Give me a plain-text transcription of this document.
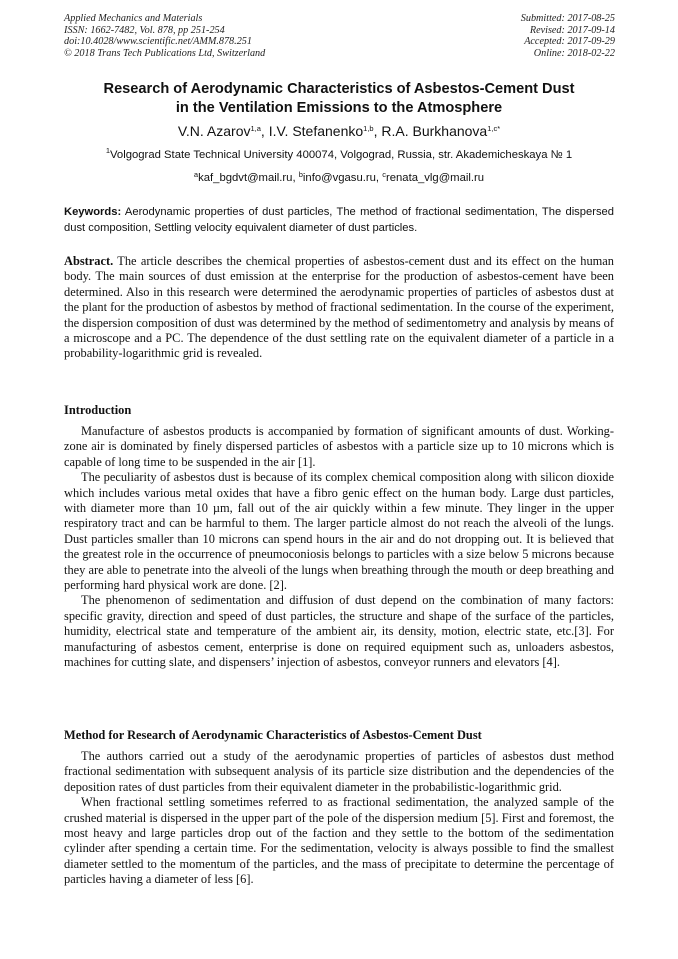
Applied Mechanics and Materials
ISSN: 1662-7482, Vol. 878, pp 251-254
doi:10.4028/www.scientific.net/AMM.878.251
© 2018 Trans Tech Publications Ltd, Switzerland
Submitted: 2017-08-25
Revised: 2017-09-14
Accepted: 2017-09-29
Online: 2018-02-22
Research of Aerodynamic Characteristics of Asbestos-Cement Dust
in the Ventilation Emissions to the Atmosphere
V.N. Azarov$^{1,a}$, I.V. Stefanenko$^{1,b}$, R.A. Burkhanova$^{1,c*}$
$^1$Volgograd State Technical University 400074, Volgograd, Russia, str. Akademicheskaya № 1
$^a$kaf_bgdvt@mail.ru, $^b$info@vgasu.ru, $^c$renata_vlg@mail.ru
Keywords: Aerodynamic properties of dust particles, The method of fractional sedimentation, The dispersed dust composition, Settling velocity equivalent diameter of dust particles.
Abstract. The article describes the chemical properties of asbestos-cement dust and its effect on the human body. The main sources of dust emission at the enterprise for the production of asbestos-cement have been determined. Also in this research were determined the aerodynamic properties of particles of asbestos dust at the plant for the production of asbestos by method of fractional sedimentation. In the course of the experiment, the dispersion composition of dust was determined by the method of sedimentometry and analysis by means of a microscope and a PC. The dependence of the dust settling rate on the equivalent diameter of a particle in a probability-logarithmic grid is revealed.
Introduction

Manufacture of asbestos products is accompanied by formation of significant amounts of dust. Working-zone air is dominated by finely dispersed particles of asbestos with a particle size up to 10 microns which is capable of long time to be suspended in the air [1].

The peculiarity of asbestos dust is because of its complex chemical composition along with silicon dioxide which includes various metal oxides that have a fibro genic effect on the human body. Large dust particles, with diameter more than 10 µm, fall out of the air quickly within a few minute. They linger in the upper respiratory tract and can be harmful to them. The larger particle almost do not reach the alveoli of the lungs. Dust particles smaller than 10 microns can spend hours in the air and do not dropping out. It is believed that the greatest role in the occurrence of pneumoconiosis belongs to particles with a size below 5 microns because they are able to penetrate into the alveoli of the lungs when breathing through the mouth or deep breathing and performing hard physical work are done. [2].

The phenomenon of sedimentation and diffusion of dust depend on the combination of many factors: specific gravity, direction and speed of dust particles, the structure and shape of the surface of the particles, humidity, electrical state and temperature of the ambient air, its density, motion, electric state, etc.[3]. For manufacturing of asbestos cement, enterprise is done on required equipment such as, unloaders asbestos, machines for cutting slate, and dispensers’ injection of asbestos, conveyor runners and elevators [4].

Method for Research of Aerodynamic Characteristics of Asbestos-Cement Dust

The authors carried out a study of the aerodynamic properties of particles of asbestos dust method fractional sedimentation with subsequent analysis of its particle size distribution and the dependencies of the deposition rates of dust particles from their equivalent diameter in the probabilistic-logarithmic grid.

When fractional settling sometimes referred to as fractional sedimentation, the analyzed sample of the crushed material is dispersed in the upper part of the pole of the dispersion medium [5]. First and foremost, the most heavy and large particles drop out of the faction and they settle to the bottom of the sedimentation cylinder after spending a certain time. For the sedimentation, velocity is always possible to find the smallest diameter settled to the momentum of the particles, and the mass of precipitate to determine the percentage of particles having a diameter of less [6].
